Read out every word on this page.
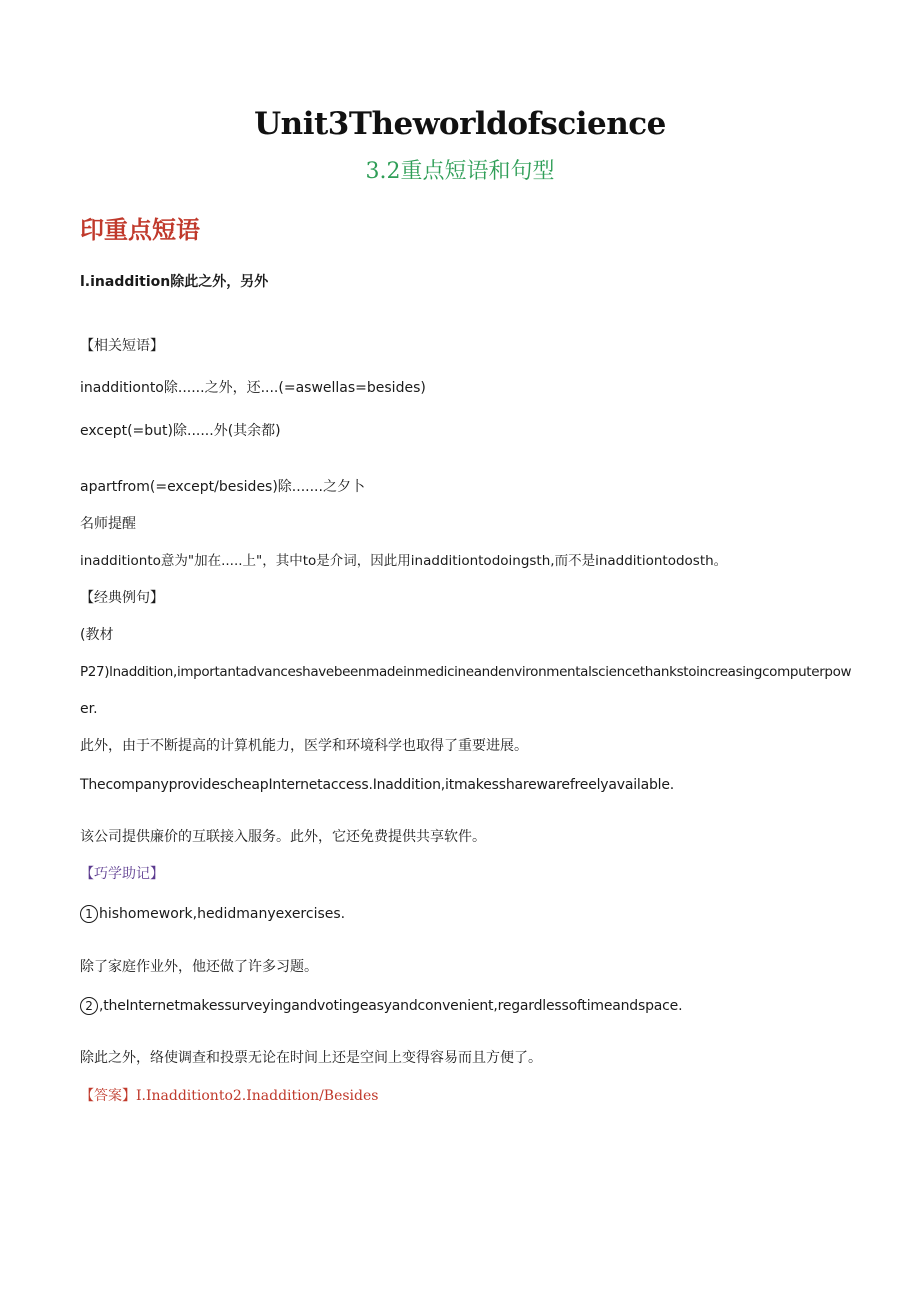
Unit3Theworldofscience
3.2重点短语和句型
印重点短语
l.inaddition除此之外，另外
【相关短语】
inadditionto除......之外，还....(=aswellas=besides)
except(=but)除......外(其余都)
apartfrom(=except/besides)除.......之夕卜
名师提醒
inadditionto意为"加在.....上"，其中to是介词，因此用inadditiontodoingsth,而不是inadditiontodosth。
【经典例句】
(教材
P27)lnaddition,importantadvanceshavebeenmadeinmedicineandenvironmentalsciencethankstoincreasingcomputerpow
er.
此外，由于不断提高的计算机能力，医学和环境科学也取得了重要进展。
ThecompanyprovidescheapInternetaccess.Inaddition,itmakessharewarefreelyavailable.
该公司提供廉价的互联接入服务。此外，它还免费提供共享软件。
【巧学助记】
1 hishomework,hedidmanyexercises.
除了家庭作业外，他还做了许多习题。
2 ,theInternetmakessurveyingandvotingeasyandconvenient,regardlessoftimeandspace.
除此之外，络使调查和投票无论在时间上还是空间上变得容易而且方便了。
【答案】I.Inadditionto2.Inaddition/Besides
